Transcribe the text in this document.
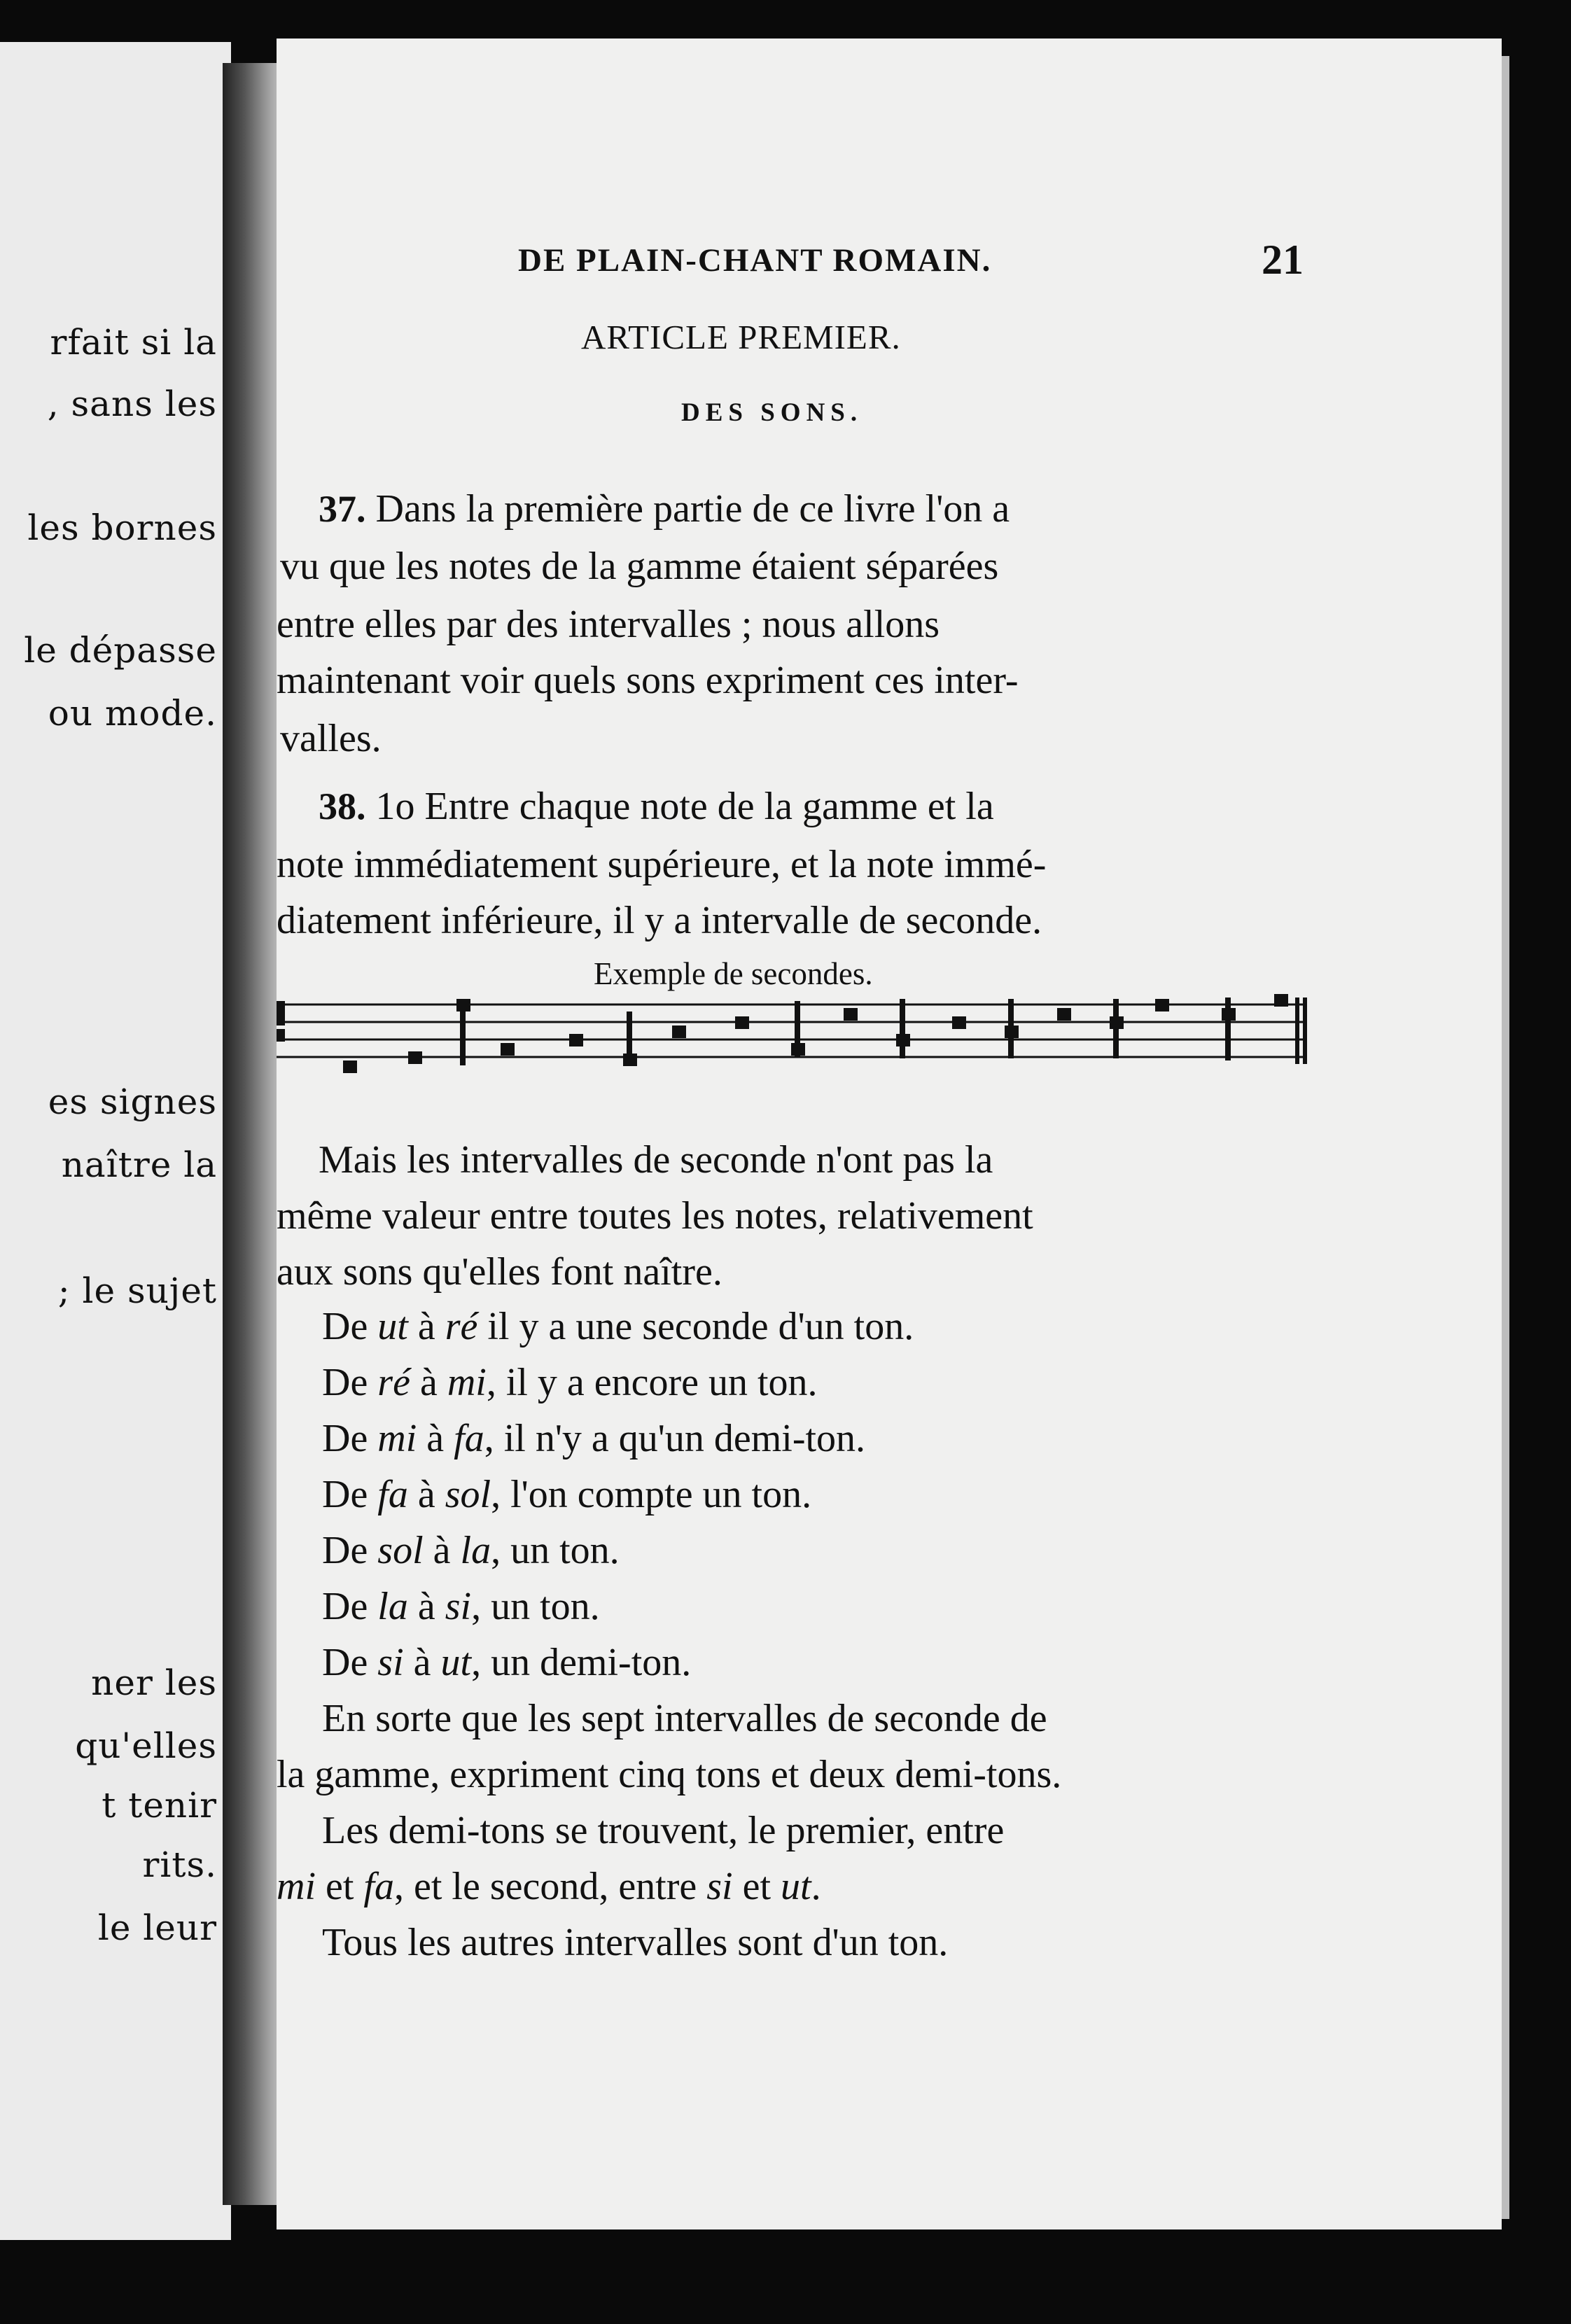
rfait si la
, sans les
les bornes
le dépasse
ou mode.
es signes
naître la
; le sujet
ner les
qu'elles
t tenir
rits.
le leur
DE PLAIN-CHANT ROMAIN.	21
ARTICLE PREMIER.
DES SONS.
37. Dans la première partie de ce livre l'on a
vu que les notes de la gamme étaient séparées
entre elles par des intervalles ; nous allons
maintenant voir quels sons expriment ces inter-
valles.
38. 1o Entre chaque note de la gamme et la
note immédiatement supérieure, et la note immé-
diatement inférieure, il y a intervalle de seconde.
Exemple de secondes.
Mais les intervalles de seconde n'ont pas la
même valeur entre toutes les notes, relativement
aux sons qu'elles font naître.
De ut à ré il y a une seconde d'un ton.
De ré à mi, il y a encore un ton.
De mi à fa, il n'y a qu'un demi-ton.
De fa à sol, l'on compte un ton.
De sol à la, un ton.
De la à si, un ton.
De si à ut, un demi-ton.
En sorte que les sept intervalles de seconde de
la gamme, expriment cinq tons et deux demi-tons.
Les demi-tons se trouvent, le premier, entre
mi et fa, et le second, entre si et ut.
Tous les autres intervalles sont d'un ton.
